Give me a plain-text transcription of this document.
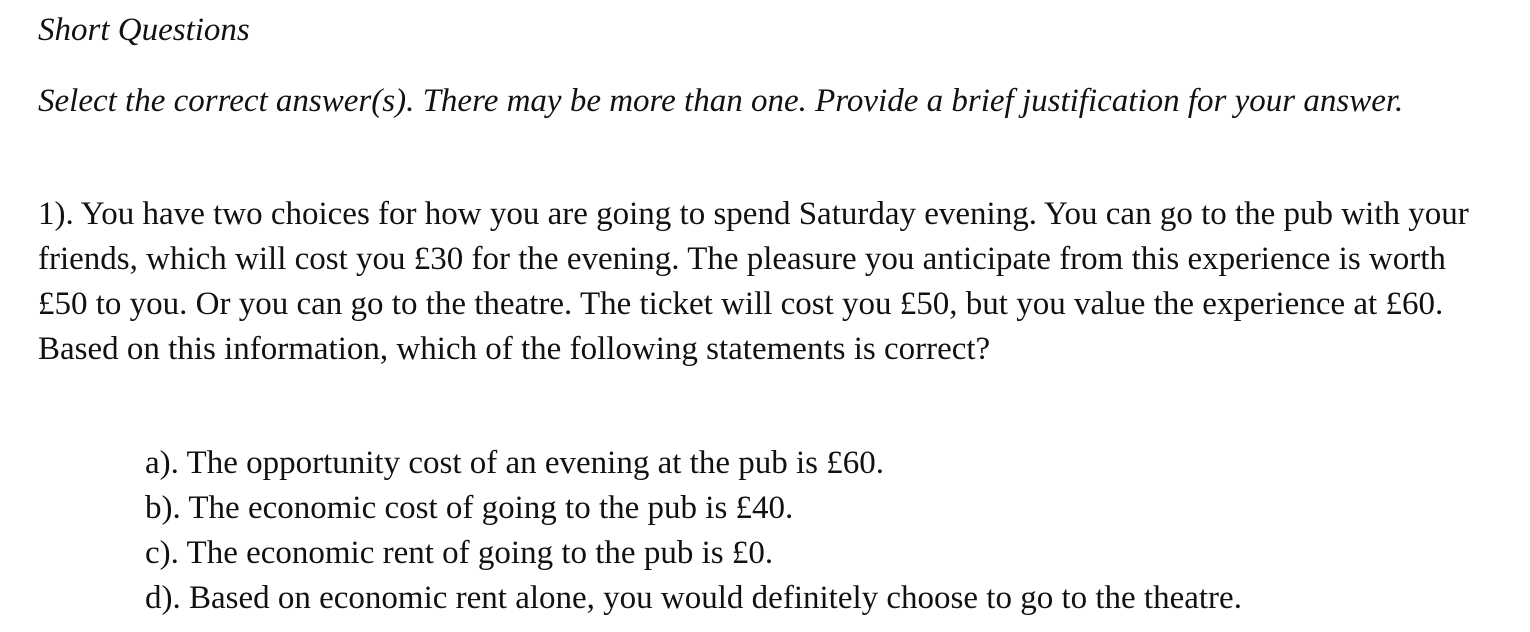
Short Questions

Select the correct answer(s). There may be more than one. Provide a brief justification for your answer.

1). You have two choices for how you are going to spend Saturday evening. You can go to the pub with your friends, which will cost you £30 for the evening. The pleasure you anticipate from this experience is worth £50 to you. Or you can go to the theatre. The ticket will cost you £50, but you value the experience at £60. Based on this information, which of the following statements is correct?

a). The opportunity cost of an evening at the pub is £60.
b). The economic cost of going to the pub is £40.
c). The economic rent of going to the pub is £0.
d). Based on economic rent alone, you would definitely choose to go to the theatre.
